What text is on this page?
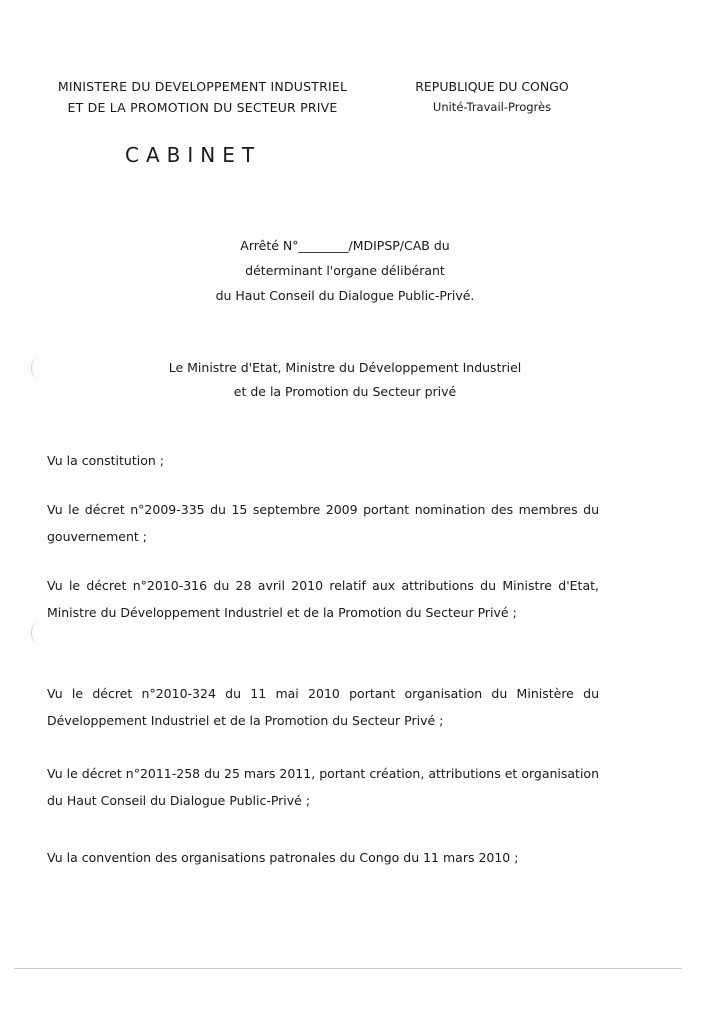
MINISTERE DU DEVELOPPEMENT INDUSTRIEL
ET DE LA PROMOTION DU SECTEUR PRIVE
REPUBLIQUE DU CONGO
Unité-Travail-Progrès
CABINET
Arrêté N°________/MDIPSP/CAB du
déterminant l'organe délibérant
du Haut Conseil du Dialogue Public-Privé.
Le Ministre d'Etat, Ministre du Développement Industriel
et de la Promotion du Secteur privé
Vu la constitution ;
Vu le décret n°2009-335 du 15 septembre 2009 portant nomination des membres du gouvernement ;
Vu le décret n°2010-316 du 28 avril 2010 relatif aux attributions du Ministre d'Etat, Ministre du Développement Industriel et de la Promotion du Secteur Privé ;
Vu le décret n°2010-324 du 11 mai 2010 portant organisation du Ministère du Développement Industriel et de la Promotion du Secteur Privé ;
Vu le décret n°2011-258 du 25 mars 2011, portant création, attributions et organisation du Haut Conseil du Dialogue Public-Privé ;
Vu la convention des organisations patronales du Congo du 11 mars 2010 ;
